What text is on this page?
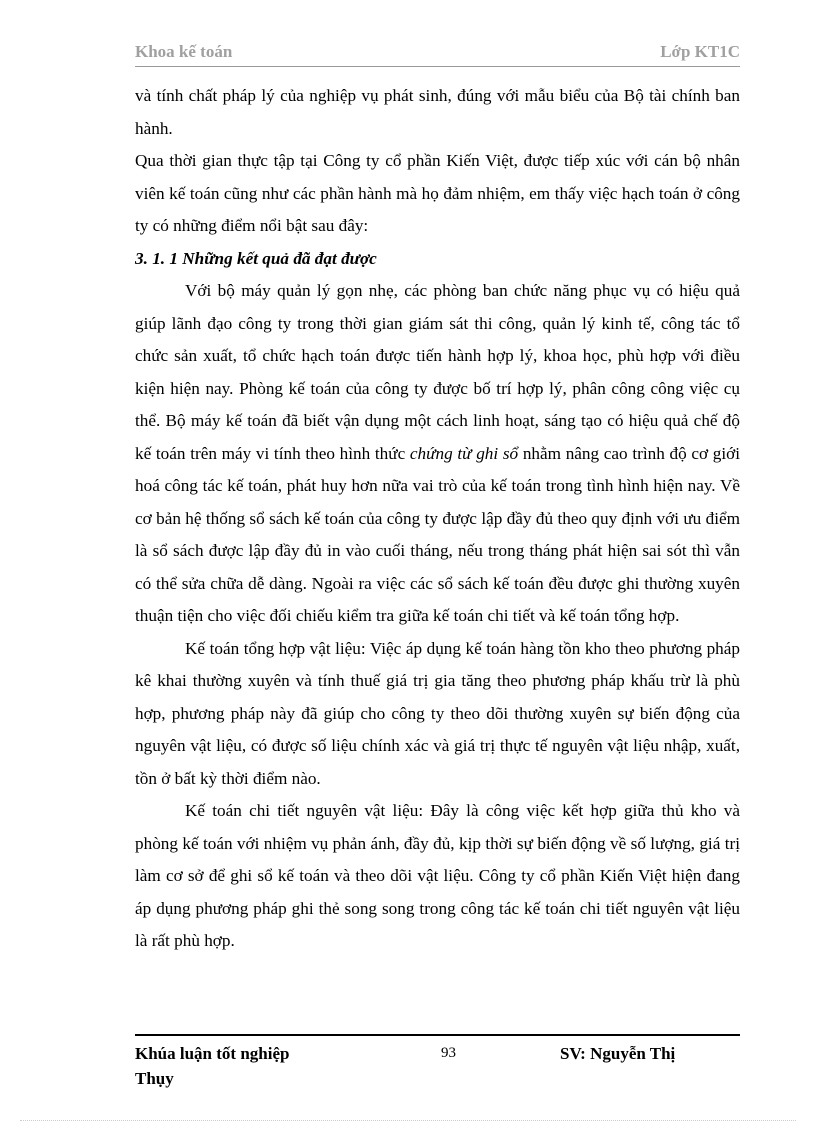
Khoa kế toán	Lớp KT1C

và tính chất pháp lý của nghiệp vụ phát sinh, đúng với mẫu biểu của Bộ tài chính ban hành.

Qua thời gian thực tập tại Công ty cổ phần Kiến Việt, được tiếp xúc với cán bộ nhân viên kế toán cũng như các phần hành mà họ đảm nhiệm, em thấy việc hạch toán ở công ty có những điểm nổi bật sau đây:

3. 1. 1 Những kết quả đã đạt được

Với bộ máy quản lý gọn nhẹ, các phòng ban chức năng phục vụ có hiệu quả giúp lãnh đạo công ty trong thời gian giám sát thi công, quản lý kinh tế, công tác tổ chức sản xuất, tổ chức hạch toán được tiến hành hợp lý, khoa học, phù hợp với điều kiện hiện nay. Phòng kế toán của công ty được bố trí hợp lý, phân công công việc cụ thể. Bộ máy kế toán đã biết vận dụng một cách linh hoạt, sáng tạo có hiệu quả chế độ kế toán trên máy vi tính theo hình thức chứng từ ghi sổ nhằm nâng cao trình độ cơ giới hoá công tác kế toán, phát huy hơn nữa vai trò của kế toán trong tình hình hiện nay. Về cơ bản hệ thống sổ sách kế toán của công ty được lập đầy đủ theo quy định với ưu điểm là sổ sách được lập đầy đủ in vào cuối tháng, nếu trong tháng phát hiện sai sót thì vẫn có thể sửa chữa dễ dàng. Ngoài ra việc các sổ sách kế toán đều được ghi thường xuyên thuận tiện cho việc đối chiếu kiểm tra giữa kế toán chi tiết và kế toán tổng hợp.

Kế toán tổng hợp vật liệu: Việc áp dụng kế toán hàng tồn kho theo phương pháp kê khai thường xuyên và tính thuế giá trị gia tăng theo phương pháp khấu trừ là phù hợp, phương pháp này đã giúp cho công ty theo dõi thường xuyên sự biến động của nguyên vật liệu, có được số liệu chính xác và giá trị thực tế nguyên vật liệu nhập, xuất, tồn ở bất kỳ thời điểm nào.

Kế toán chi tiết nguyên vật liệu: Đây là công việc kết hợp giữa thủ kho và phòng kế toán với nhiệm vụ phản ánh, đầy đủ, kịp thời sự biến động về số lượng, giá trị làm cơ sở để ghi sổ kế toán và theo dõi vật liệu. Công ty cổ phần Kiến Việt hiện đang áp dụng phương pháp ghi thẻ song song trong công tác kế toán chi tiết nguyên vật liệu là rất phù hợp.

Khúa luận tốt nghiệp	93	SV: Nguyễn Thị
Thụy
